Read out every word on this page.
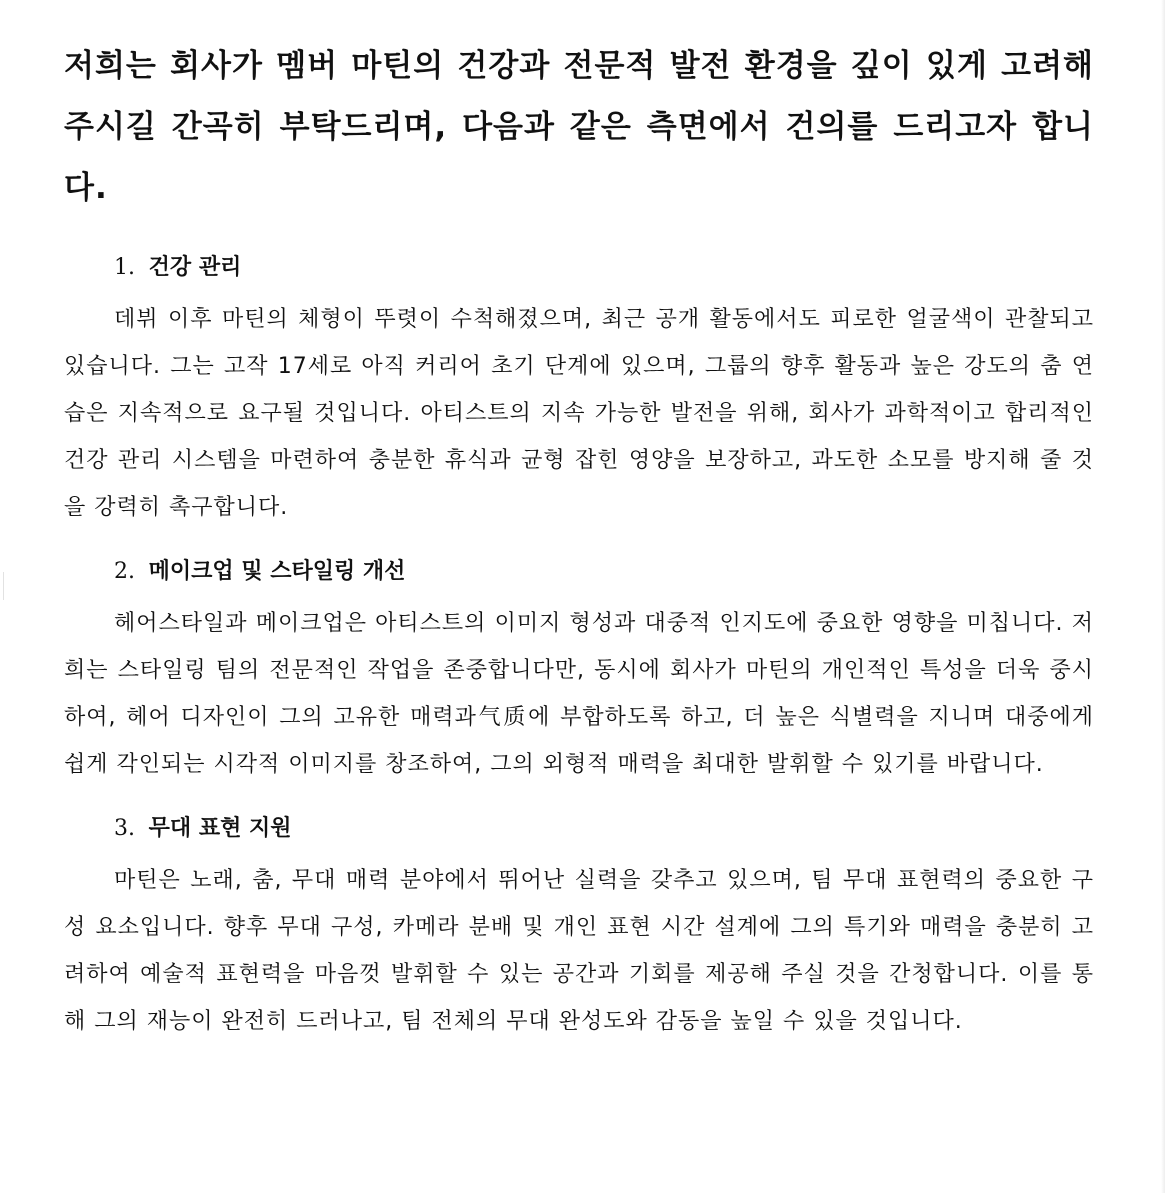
저희는 회사가 멤버 마틴의 건강과 전문적 발전 환경을 깊이 있게 고려해 주시길 간곡히 부탁드리며, 다음과 같은 측면에서 건의를 드리고자 합니다.

1. 건강 관리

데뷔 이후 마틴의 체형이 뚜렷이 수척해졌으며, 최근 공개 활동에서도 피로한 얼굴색이 관찰되고 있습니다. 그는 고작 17세로 아직 커리어 초기 단계에 있으며, 그룹의 향후 활동과 높은 강도의 춤 연습은 지속적으로 요구될 것입니다. 아티스트의 지속 가능한 발전을 위해, 회사가 과학적이고 합리적인 건강 관리 시스템을 마련하여 충분한 휴식과 균형 잡힌 영양을 보장하고, 과도한 소모를 방지해 줄 것을 강력히 촉구합니다.

2. 메이크업 및 스타일링 개선

헤어스타일과 메이크업은 아티스트의 이미지 형성과 대중적 인지도에 중요한 영향을 미칩니다. 저희는 스타일링 팀의 전문적인 작업을 존중합니다만, 동시에 회사가 마틴의 개인적인 특성을 더욱 중시하여, 헤어 디자인이 그의 고유한 매력과气质에 부합하도록 하고, 더 높은 식별력을 지니며 대중에게 쉽게 각인되는 시각적 이미지를 창조하여, 그의 외형적 매력을 최대한 발휘할 수 있기를 바랍니다.

3. 무대 표현 지원

마틴은 노래, 춤, 무대 매력 분야에서 뛰어난 실력을 갖추고 있으며, 팀 무대 표현력의 중요한 구성 요소입니다. 향후 무대 구성, 카메라 분배 및 개인 표현 시간 설계에 그의 특기와 매력을 충분히 고려하여 예술적 표현력을 마음껏 발휘할 수 있는 공간과 기회를 제공해 주실 것을 간청합니다. 이를 통해 그의 재능이 완전히 드러나고, 팀 전체의 무대 완성도와 감동을 높일 수 있을 것입니다.
